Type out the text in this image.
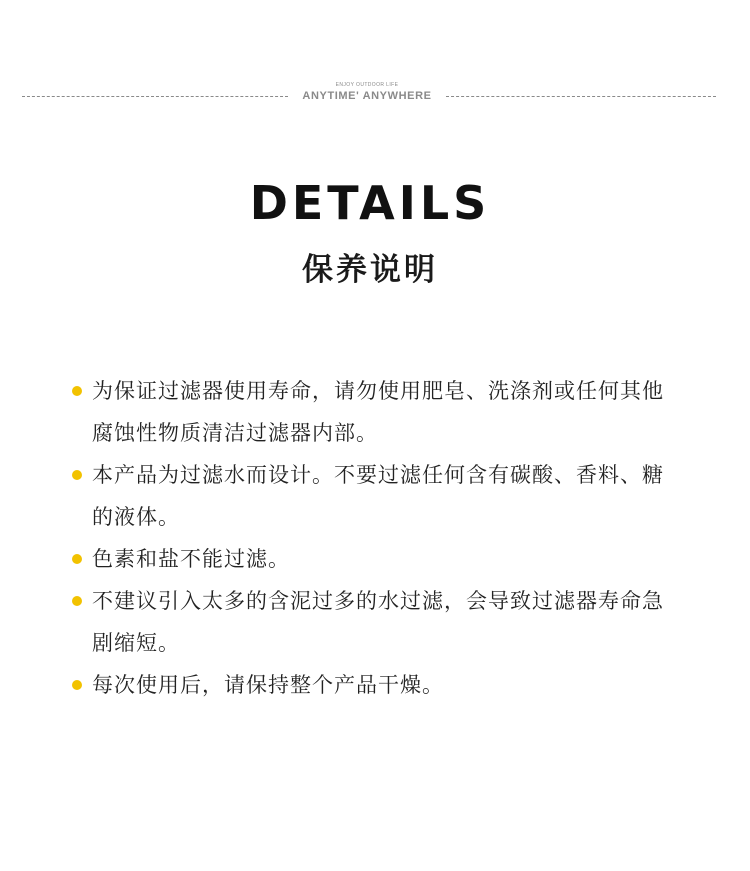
ENJOY OUTDOOR LIFE
ANYTIME' ANYWHERE
DETAILS
保养说明
为保证过滤器使用寿命，请勿使用肥皂、洗涤剂或任何其他腐蚀性物质清洁过滤器内部。
本产品为过滤水而设计。不要过滤任何含有碳酸、香料、糖的液体。
色素和盐不能过滤。
不建议引入太多的含泥过多的水过滤，会导致过滤器寿命急剧缩短。
每次使用后，请保持整个产品干燥。
